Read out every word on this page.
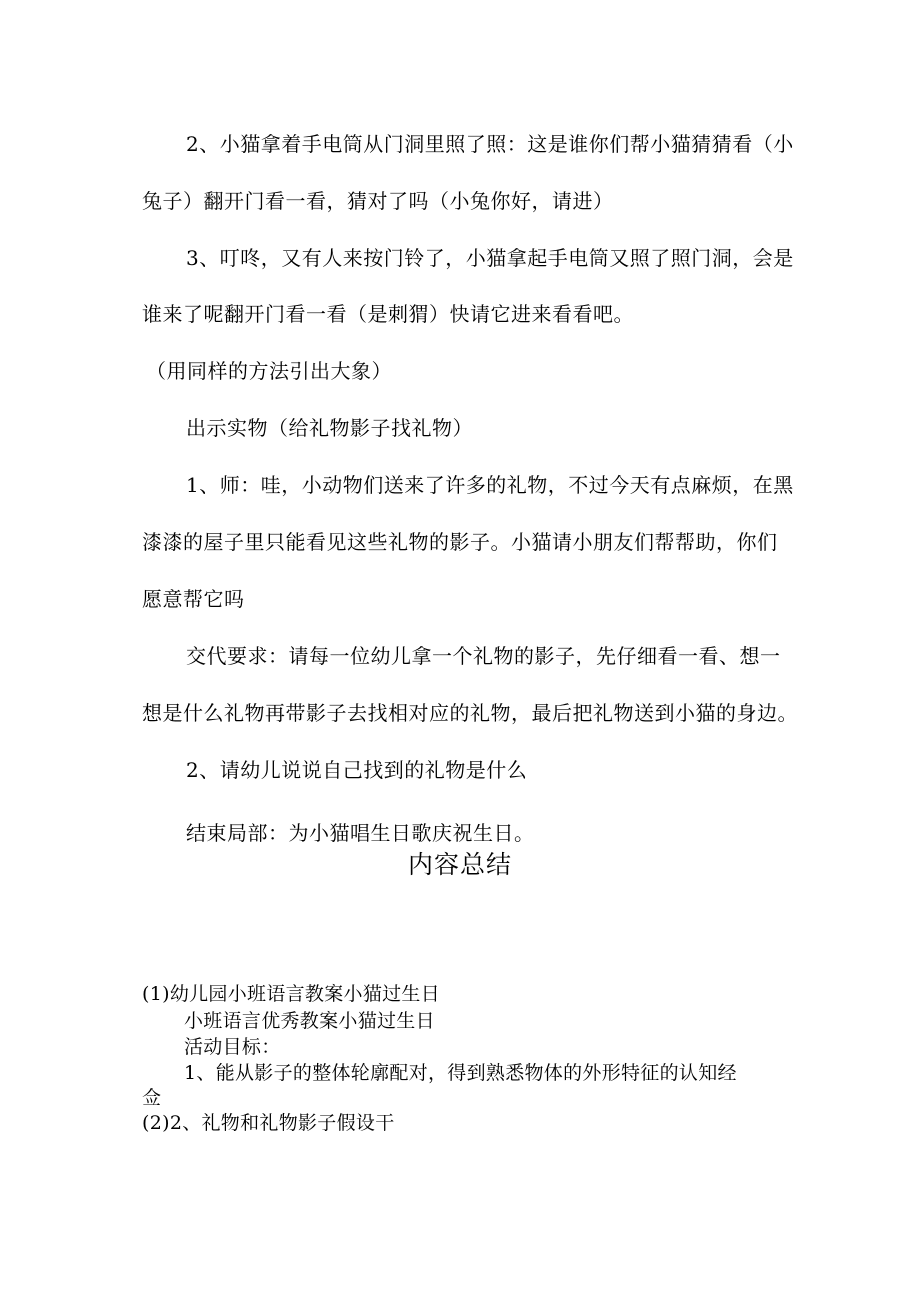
2、小猫拿着手电筒从门洞里照了照：这是谁你们帮小猫猜猜看（小
兔子）翻开门看一看，猜对了吗（小兔你好，请进）
3、叮咚，又有人来按门铃了，小猫拿起手电筒又照了照门洞，会是
谁来了呢翻开门看一看（是刺猬）快请它进来看看吧。
（用同样的方法引出大象）
出示实物（给礼物影子找礼物）
1、师：哇，小动物们送来了许多的礼物，不过今天有点麻烦，在黑
漆漆的屋子里只能看见这些礼物的影子。小猫请小朋友们帮帮助，你们
愿意帮它吗
交代要求：请每一位幼儿拿一个礼物的影子，先仔细看一看、想一
想是什么礼物再带影子去找相对应的礼物，最后把礼物送到小猫的身边。
2、请幼儿说说自己找到的礼物是什么
结束局部：为小猫唱生日歌庆祝生日。
内容总结
(1)幼儿园小班语言教案小猫过生日
小班语言优秀教案小猫过生日
活动目标：
1、能从影子的整体轮廓配对，得到熟悉物体的外形特征的认知经
佥
(2)2、礼物和礼物影子假设干
